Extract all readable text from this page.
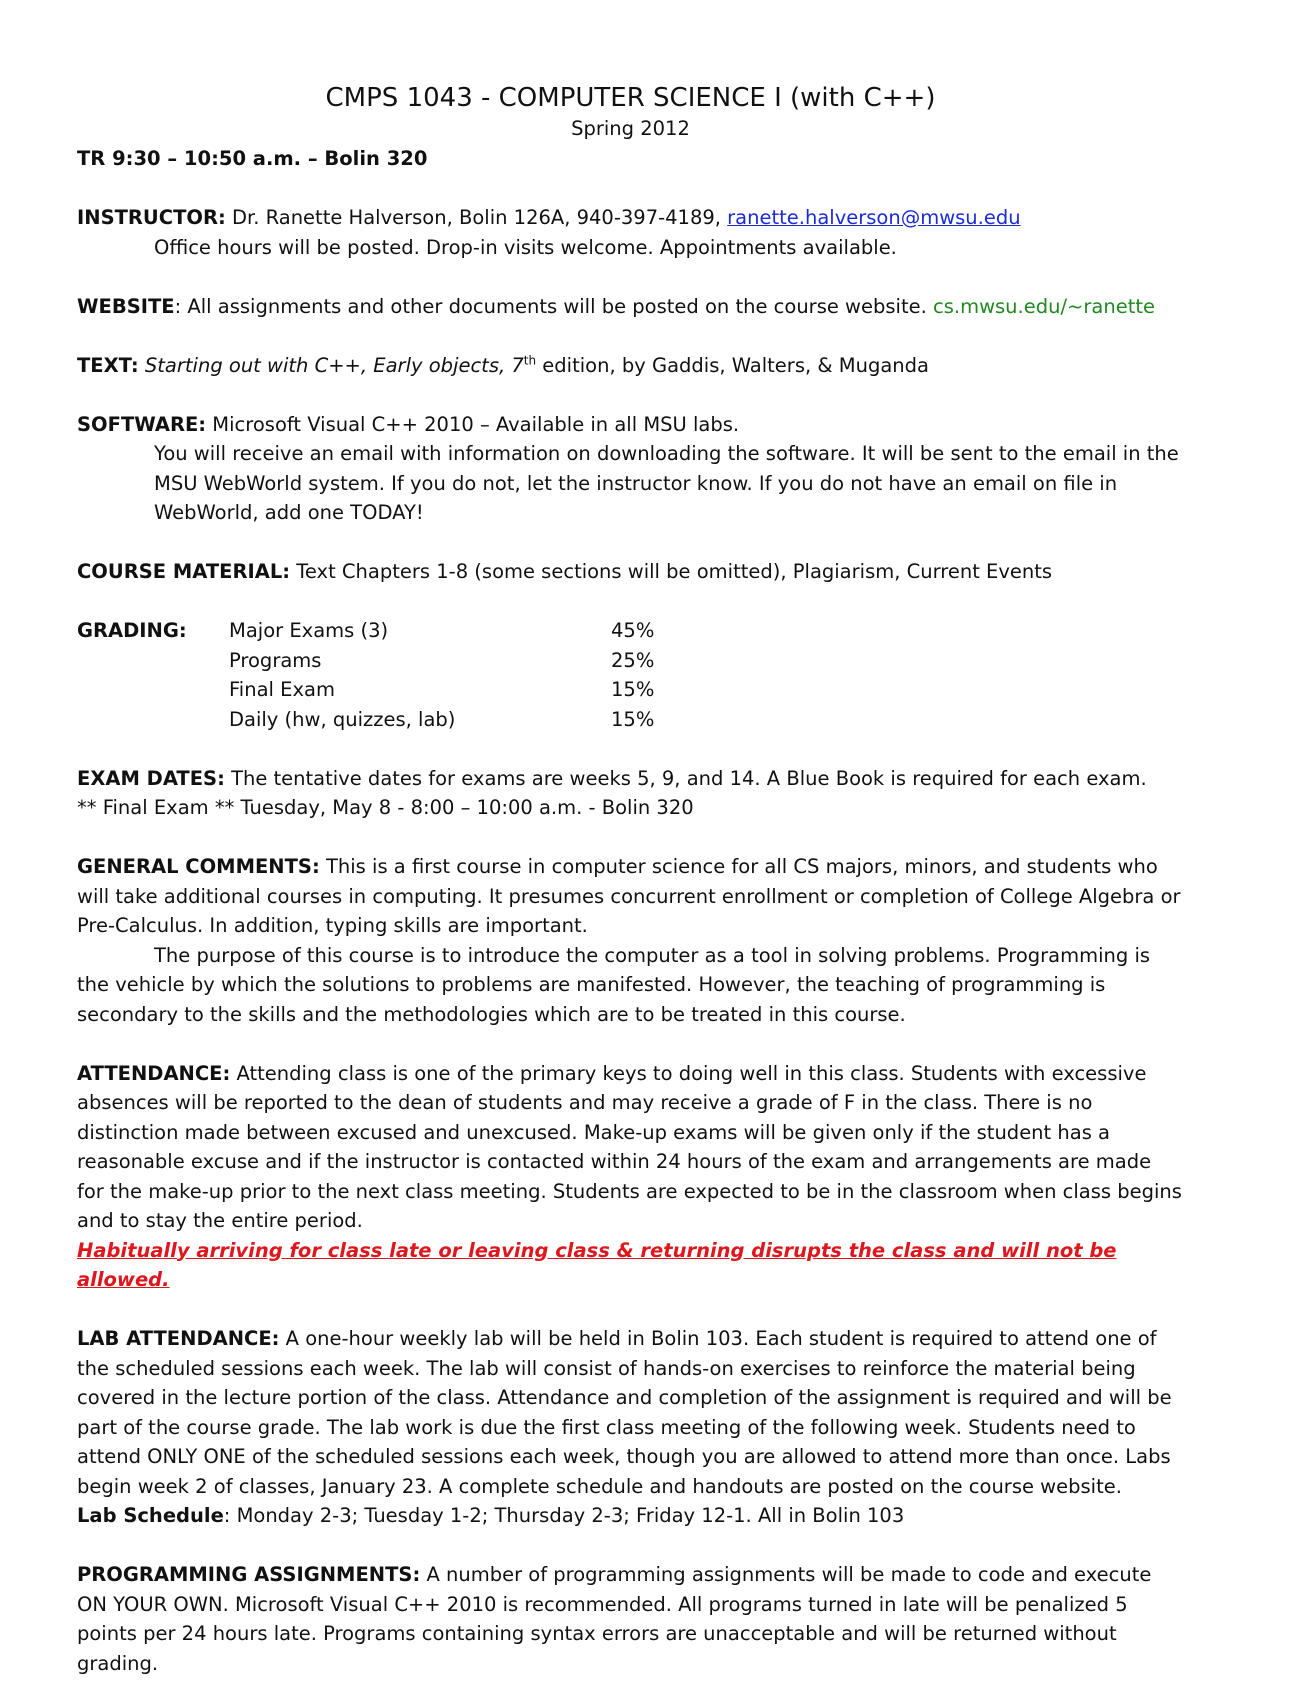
CMPS 1043 - COMPUTER SCIENCE I (with C++)

Spring 2012

TR 9:30 – 10:50 a.m. – Bolin 320

INSTRUCTOR: Dr. Ranette Halverson, Bolin 126A, 940-397-4189, ranette.halverson@mwsu.edu

Office hours will be posted. Drop-in visits welcome. Appointments available.

WEBSITE: All assignments and other documents will be posted on the course website. cs.mwsu.edu/~ranette

TEXT: Starting out with C++, Early objects, 7th edition, by Gaddis, Walters, & Muganda

SOFTWARE: Microsoft Visual C++ 2010 – Available in all MSU labs.

You will receive an email with information on downloading the software. It will be sent to the email in the MSU WebWorld system. If you do not, let the instructor know. If you do not have an email on file in WebWorld, add one TODAY!

COURSE MATERIAL: Text Chapters 1-8 (some sections will be omitted), Plagiarism, Current Events

GRADING:	Major Exams (3)	45%
Programs	25%
Final Exam	15%
Daily (hw, quizzes, lab)	15%

EXAM DATES: The tentative dates for exams are weeks 5, 9, and 14. A Blue Book is required for each exam.

** Final Exam ** Tuesday, May 8 - 8:00 – 10:00 a.m. - Bolin 320

GENERAL COMMENTS: This is a first course in computer science for all CS majors, minors, and students who will take additional courses in computing. It presumes concurrent enrollment or completion of College Algebra or Pre-Calculus. In addition, typing skills are important.

The purpose of this course is to introduce the computer as a tool in solving problems. Programming is the vehicle by which the solutions to problems are manifested. However, the teaching of programming is secondary to the skills and the methodologies which are to be treated in this course.

ATTENDANCE: Attending class is one of the primary keys to doing well in this class. Students with excessive absences will be reported to the dean of students and may receive a grade of F in the class. There is no distinction made between excused and unexcused. Make-up exams will be given only if the student has a reasonable excuse and if the instructor is contacted within 24 hours of the exam and arrangements are made for the make-up prior to the next class meeting. Students are expected to be in the classroom when class begins and to stay the entire period.

Habitually arriving for class late or leaving class & returning disrupts the class and will not be allowed.

LAB ATTENDANCE: A one-hour weekly lab will be held in Bolin 103. Each student is required to attend one of the scheduled sessions each week. The lab will consist of hands-on exercises to reinforce the material being covered in the lecture portion of the class. Attendance and completion of the assignment is required and will be part of the course grade. The lab work is due the first class meeting of the following week. Students need to attend ONLY ONE of the scheduled sessions each week, though you are allowed to attend more than once. Labs begin week 2 of classes, January 23. A complete schedule and handouts are posted on the course website.

Lab Schedule: Monday 2-3; Tuesday 1-2; Thursday 2-3; Friday 12-1. All in Bolin 103

PROGRAMMING ASSIGNMENTS: A number of programming assignments will be made to code and execute ON YOUR OWN. Microsoft Visual C++ 2010 is recommended. All programs turned in late will be penalized 5 points per 24 hours late. Programs containing syntax errors are unacceptable and will be returned without grading.
